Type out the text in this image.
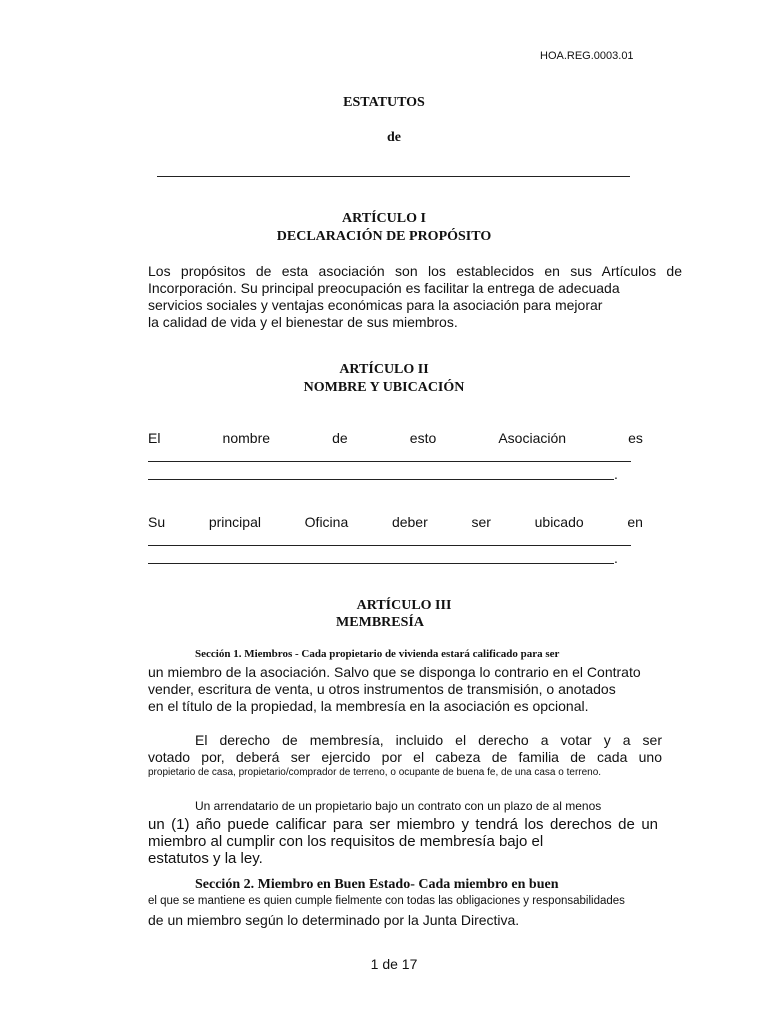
HOA.REG.0003.01
ESTATUTOS
de
ARTÍCULO I
DECLARACIÓN DE PROPÓSITO
Los propósitos de esta asociación son los establecidos en sus Artículos de
Incorporación. Su principal preocupación es facilitar la entrega de adecuada
servicios sociales y ventajas económicas para la asociación para mejorar
la calidad de vida y el bienestar de sus miembros.
ARTÍCULO II
NOMBRE Y UBICACIÓN
El	nombre	de	esto	Asociación	es
.
Su	principal	Oficina	deber	ser	ubicado	en
.
ARTÍCULO III
MEMBRESÍA
Sección 1. Miembros - Cada propietario de vivienda estará calificado para ser
un miembro de la asociación. Salvo que se disponga lo contrario en el Contrato
vender, escritura de venta, u otros instrumentos de transmisión, o anotados
en el título de la propiedad, la membresía en la asociación es opcional.
El derecho de membresía, incluido el derecho a votar y a ser
votado por, deberá ser ejercido por el cabeza de familia de cada uno
propietario de casa, propietario/comprador de terreno, o ocupante de buena fe, de una casa o terreno.
Un arrendatario de un propietario bajo un contrato con un plazo de al menos
un (1) año puede calificar para ser miembro y tendrá los derechos de un
miembro al cumplir con los requisitos de membresía bajo el
estatutos y la ley.
Sección 2. Miembro en Buen Estado- Cada miembro en buen
el que se mantiene es quien cumple fielmente con todas las obligaciones y responsabilidades
de un miembro según lo determinado por la Junta Directiva.
1 de 17
